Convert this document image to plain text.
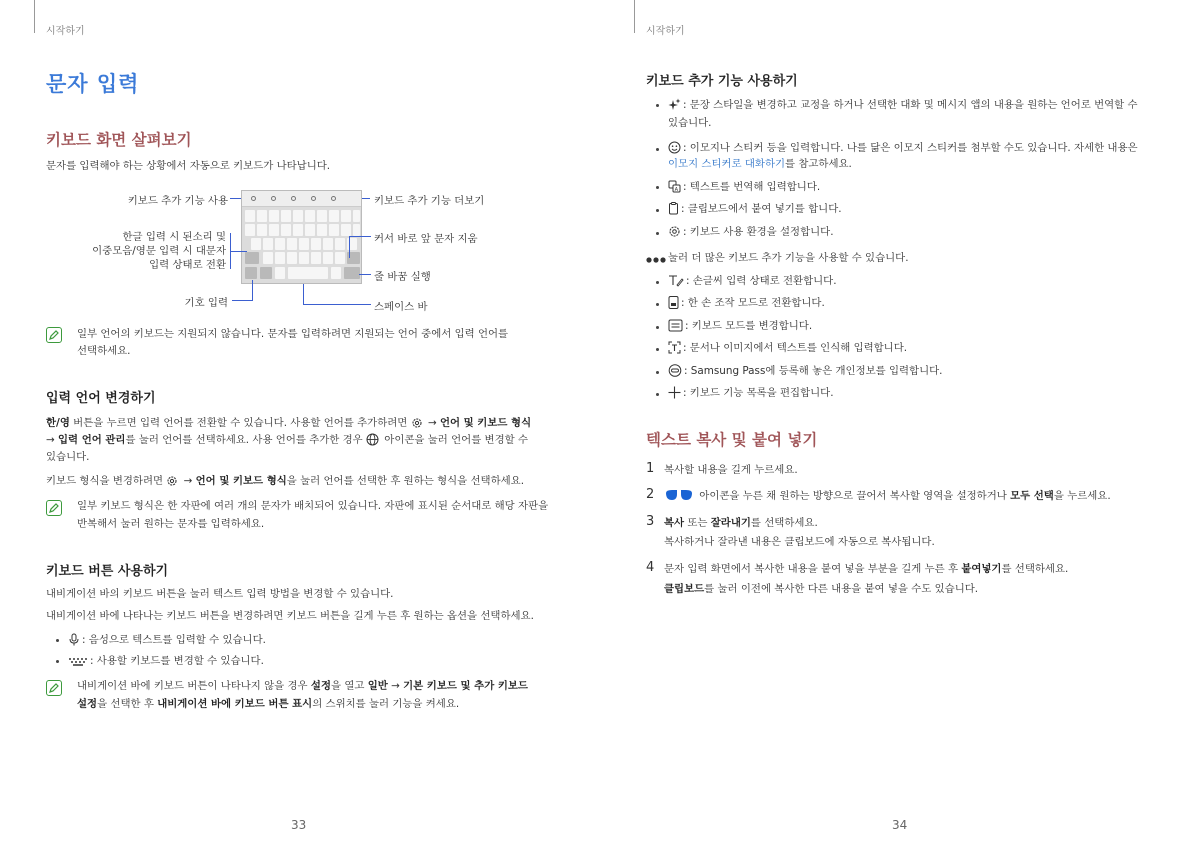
시작하기
문자 입력
키보드 화면 살펴보기
문자를 입력해야 하는 상황에서 자동으로 키보드가 나타납니다.
키보드 추가 기능 사용	키보드 추가 기능 더보기
한글 입력 시 된소리 및
이중모음/영문 입력 시 대문자
입력 상태로 전환
커서 바로 앞 문자 지움
줄 바꿈 실행
기호 입력	스페이스 바
일부 언어의 키보드는 지원되지 않습니다. 문자를 입력하려면 지원되는 언어 중에서 입력 언어를
선택하세요.
입력 언어 변경하기
한/영 버튼을 누르면 입력 언어를 전환할 수 있습니다. 사용할 언어를 추가하려면  → 언어 및 키보드 형식
→ 입력 언어 관리를 눌러 언어를 선택하세요. 사용 언어를 추가한 경우  아이콘을 눌러 언어를 변경할 수
있습니다.
키보드 형식을 변경하려면  → 언어 및 키보드 형식을 눌러 언어를 선택한 후 원하는 형식을 선택하세요.
일부 키보드 형식은 한 자판에 여러 개의 문자가 배치되어 있습니다. 자판에 표시된 순서대로 해당 자판을
반복해서 눌러 원하는 문자를 입력하세요.
키보드 버튼 사용하기
내비게이션 바의 키보드 버튼을 눌러 텍스트 입력 방법을 변경할 수 있습니다.
내비게이션 바에 나타나는 키보드 버튼을 변경하려면 키보드 버튼을 길게 누른 후 원하는 옵션을 선택하세요.
: 음성으로 텍스트를 입력할 수 있습니다.
: 사용할 키보드를 변경할 수 있습니다.
내비게이션 바에 키보드 버튼이 나타나지 않을 경우 설정을 열고 일반 → 기본 키보드 및 추가 키보드
설정을 선택한 후 내비게이션 바에 키보드 버튼 표시의 스위치를 눌러 기능을 켜세요.
33
시작하기
키보드 추가 기능 사용하기
: 문장 스타일을 변경하고 교정을 하거나 선택한 대화 및 메시지 앱의 내용을 원하는 언어로 번역할 수
있습니다.
: 이모지나 스티커 등을 입력합니다. 나를 닮은 이모지 스티커를 첨부할 수도 있습니다. 자세한 내용은
이모지 스티커로 대화하기를 참고하세요.
A : 텍스트를 번역해 입력합니다.
: 클립보드에서 붙여 넣기를 합니다.
: 키보드 사용 환경을 설정합니다.
눌러 더 많은 키보드 추가 기능을 사용할 수 있습니다.
: 손글씨 입력 상태로 전환합니다.
: 한 손 조작 모드로 전환합니다.
: 키보드 모드를 변경합니다.
: 문서나 이미지에서 텍스트를 인식해 입력합니다.
: Samsung Pass에 등록해 놓은 개인정보를 입력합니다.
: 키보드 기능 목록을 편집합니다.
텍스트 복사 및 붙여 넣기
1 복사할 내용을 길게 누르세요.
2	아이콘을 누른 채 원하는 방향으로 끌어서 복사할 영역을 설정하거나 모두 선택을 누르세요.
3 복사 또는 잘라내기를 선택하세요.
복사하거나 잘라낸 내용은 클립보드에 자동으로 복사됩니다.
4 문자 입력 화면에서 복사한 내용을 붙여 넣을 부분을 길게 누른 후 붙여넣기를 선택하세요.
클립보드를 눌러 이전에 복사한 다른 내용을 붙여 넣을 수도 있습니다.
34
